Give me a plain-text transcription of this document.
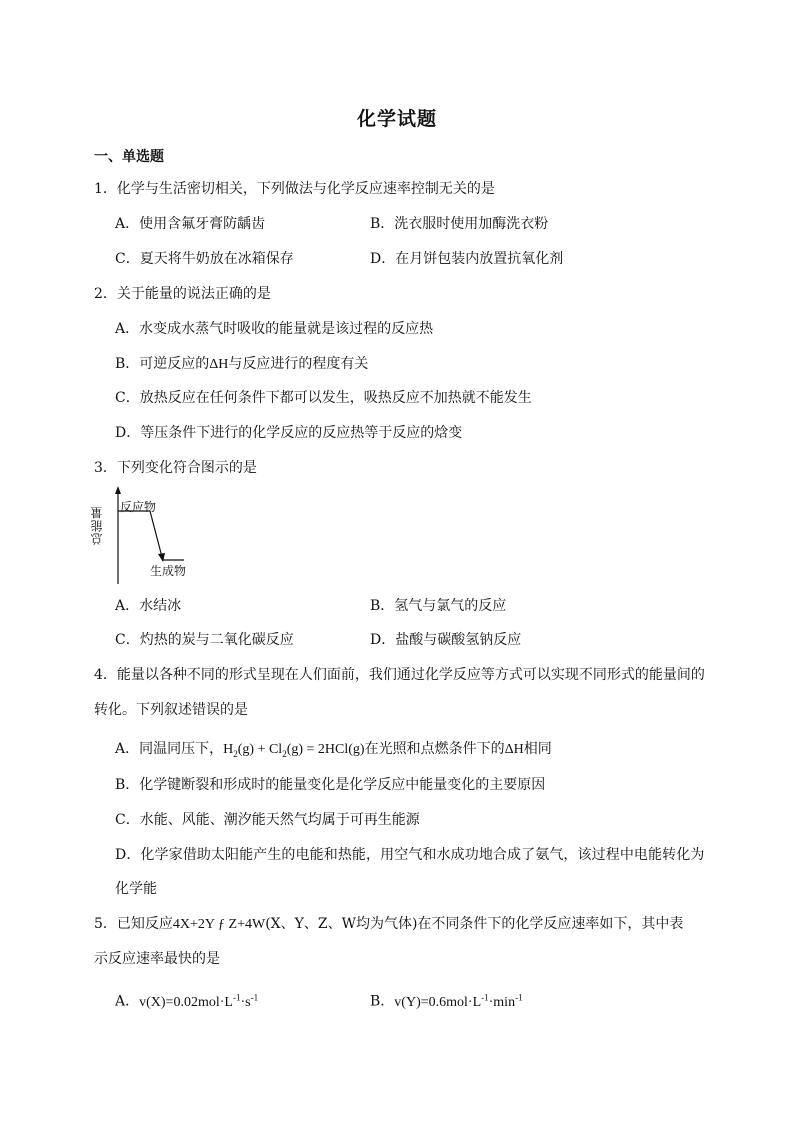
化学试题
一、单选题
1．化学与生活密切相关，下列做法与化学反应速率控制无关的是
A．使用含氟牙膏防龋齿	B．洗衣服时使用加酶洗衣粉
C．夏天将牛奶放在冰箱保存	D．在月饼包装内放置抗氧化剂
2．关于能量的说法正确的是
A．水变成水蒸气时吸收的能量就是该过程的反应热
B．可逆反应的ΔH与反应进行的程度有关
C．放热反应在任何条件下都可以发生，吸热反应不加热就不能发生
D．等压条件下进行的化学反应的反应热等于反应的焓变
3．下列变化符合图示的是
总能量 反应物
生成物
A．水结冰	B．氢气与氯气的反应
C．灼热的炭与二氧化碳反应	D．盐酸与碳酸氢钠反应
4．能量以各种不同的形式呈现在人们面前，我们通过化学反应等方式可以实现不同形式的能量间的
转化。下列叙述错误的是
A．同温同压下，$H_2(g) + Cl_2(g) = 2HCl(g)$在光照和点燃条件下的ΔH相同
B．化学键断裂和形成时的能量变化是化学反应中能量变化的主要原因
C．水能、风能、潮汐能天然气均属于可再生能源
D．化学家借助太阳能产生的电能和热能，用空气和水成功地合成了氨气，该过程中电能转化为
化学能
5．已知反应4X+2Y ƒ Z+4W(X、Y、Z、W均为气体)在不同条件下的化学反应速率如下，其中表
示反应速率最快的是
A．$v(X)=0.02mol\cdot L^{-1}\cdot s^{-1}$	B．$v(Y)=0.6mol\cdot L^{-1}\cdot\min^{-1}$
